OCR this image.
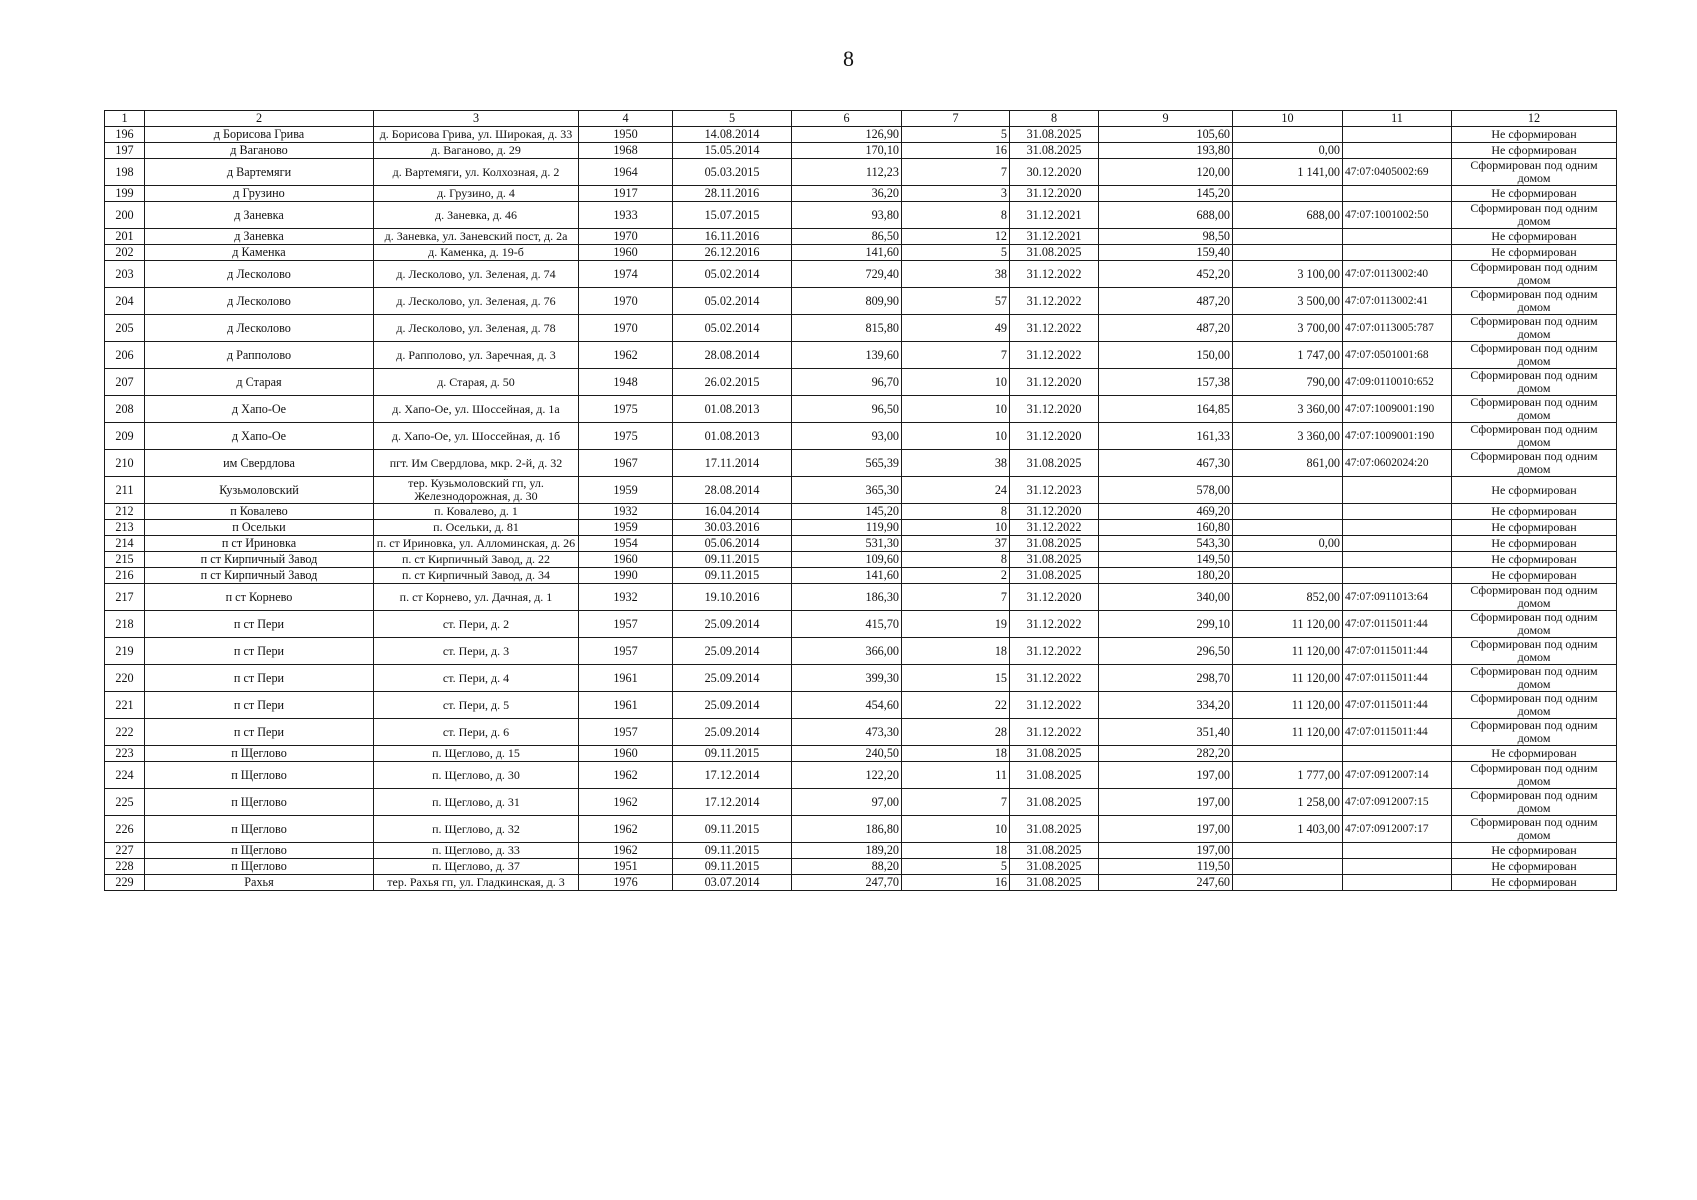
8
1	2	3	4	5	6	7	8	9	10	11	12
196	д Борисова Грива	д. Борисова Грива, ул. Широкая, д. 33	1950	14.08.2014	126,90	5	31.08.2025	105,60			Не сформирован
197	д Ваганово	д. Ваганово, д. 29	1968	15.05.2014	170,10	16	31.08.2025	193,80	0,00		Не сформирован
198	д Вартемяги	д. Вартемяги, ул. Колхозная, д. 2	1964	05.03.2015	112,23	7	30.12.2020	120,00	1 141,00	47:07:0405002:69	Сформирован под одним домом
199	д Грузино	д. Грузино, д. 4	1917	28.11.2016	36,20	3	31.12.2020	145,20			Не сформирован
200	д Заневка	д. Заневка, д. 46	1933	15.07.2015	93,80	8	31.12.2021	688,00	688,00	47:07:1001002:50	Сформирован под одним домом
201	д Заневка	д. Заневка, ул. Заневский пост, д. 2а	1970	16.11.2016	86,50	12	31.12.2021	98,50			Не сформирован
202	д Каменка	д. Каменка, д. 19-б	1960	26.12.2016	141,60	5	31.08.2025	159,40			Не сформирован
203	д Лесколово	д. Лесколово, ул. Зеленая, д. 74	1974	05.02.2014	729,40	38	31.12.2022	452,20	3 100,00	47:07:0113002:40	Сформирован под одним домом
204	д Лесколово	д. Лесколово, ул. Зеленая, д. 76	1970	05.02.2014	809,90	57	31.12.2022	487,20	3 500,00	47:07:0113002:41	Сформирован под одним домом
205	д Лесколово	д. Лесколово, ул. Зеленая, д. 78	1970	05.02.2014	815,80	49	31.12.2022	487,20	3 700,00	47:07:0113005:787	Сформирован под одним домом
206	д Рапполово	д. Рапполово, ул. Заречная, д. 3	1962	28.08.2014	139,60	7	31.12.2022	150,00	1 747,00	47:07:0501001:68	Сформирован под одним домом
207	д Старая	д. Старая, д. 50	1948	26.02.2015	96,70	10	31.12.2020	157,38	790,00	47:09:0110010:652	Сформирован под одним домом
208	д Хапо-Ое	д. Хапо-Ое, ул. Шоссейная, д. 1а	1975	01.08.2013	96,50	10	31.12.2020	164,85	3 360,00	47:07:1009001:190	Сформирован под одним домом
209	д Хапо-Ое	д. Хапо-Ое, ул. Шоссейная, д. 1б	1975	01.08.2013	93,00	10	31.12.2020	161,33	3 360,00	47:07:1009001:190	Сформирован под одним домом
210	им Свердлова	пгт. Им Свердлова, мкр. 2-й, д. 32	1967	17.11.2014	565,39	38	31.08.2025	467,30	861,00	47:07:0602024:20	Сформирован под одним домом
211	Кузьмоловский	тер. Кузьмоловский гп, ул. Железнодорожная, д. 30	1959	28.08.2014	365,30	24	31.12.2023	578,00			Не сформирован
212	п Ковалево	п. Ковалево, д. 1	1932	16.04.2014	145,20	8	31.12.2020	469,20			Не сформирован
213	п Осельки	п. Осельки, д. 81	1959	30.03.2016	119,90	10	31.12.2022	160,80			Не сформирован
214	п ст Ириновка	п. ст Ириновка, ул. Алломинская, д. 26	1954	05.06.2014	531,30	37	31.08.2025	543,30	0,00		Не сформирован
215	п ст Кирпичный Завод	п. ст Кирпичный Завод, д. 22	1960	09.11.2015	109,60	8	31.08.2025	149,50			Не сформирован
216	п ст Кирпичный Завод	п. ст Кирпичный Завод, д. 34	1990	09.11.2015	141,60	2	31.08.2025	180,20			Не сформирован
217	п ст Корнево	п. ст Корнево, ул. Дачная, д. 1	1932	19.10.2016	186,30	7	31.12.2020	340,00	852,00	47:07:0911013:64	Сформирован под одним домом
218	п ст Пери	ст. Пери, д. 2	1957	25.09.2014	415,70	19	31.12.2022	299,10	11 120,00	47:07:0115011:44	Сформирован под одним домом
219	п ст Пери	ст. Пери, д. 3	1957	25.09.2014	366,00	18	31.12.2022	296,50	11 120,00	47:07:0115011:44	Сформирован под одним домом
220	п ст Пери	ст. Пери, д. 4	1961	25.09.2014	399,30	15	31.12.2022	298,70	11 120,00	47:07:0115011:44	Сформирован под одним домом
221	п ст Пери	ст. Пери, д. 5	1961	25.09.2014	454,60	22	31.12.2022	334,20	11 120,00	47:07:0115011:44	Сформирован под одним домом
222	п ст Пери	ст. Пери, д. 6	1957	25.09.2014	473,30	28	31.12.2022	351,40	11 120,00	47:07:0115011:44	Сформирован под одним домом
223	п Щеглово	п. Щеглово, д. 15	1960	09.11.2015	240,50	18	31.08.2025	282,20			Не сформирован
224	п Щеглово	п. Щеглово, д. 30	1962	17.12.2014	122,20	11	31.08.2025	197,00	1 777,00	47:07:0912007:14	Сформирован под одним домом
225	п Щеглово	п. Щеглово, д. 31	1962	17.12.2014	97,00	7	31.08.2025	197,00	1 258,00	47:07:0912007:15	Сформирован под одним домом
226	п Щеглово	п. Щеглово, д. 32	1962	09.11.2015	186,80	10	31.08.2025	197,00	1 403,00	47:07:0912007:17	Сформирован под одним домом
227	п Щеглово	п. Щеглово, д. 33	1962	09.11.2015	189,20	18	31.08.2025	197,00			Не сформирован
228	п Щеглово	п. Щеглово, д. 37	1951	09.11.2015	88,20	5	31.08.2025	119,50			Не сформирован
229	Рахья	тер. Рахья гп, ул. Гладкинская, д. 3	1976	03.07.2014	247,70	16	31.08.2025	247,60			Не сформирован
